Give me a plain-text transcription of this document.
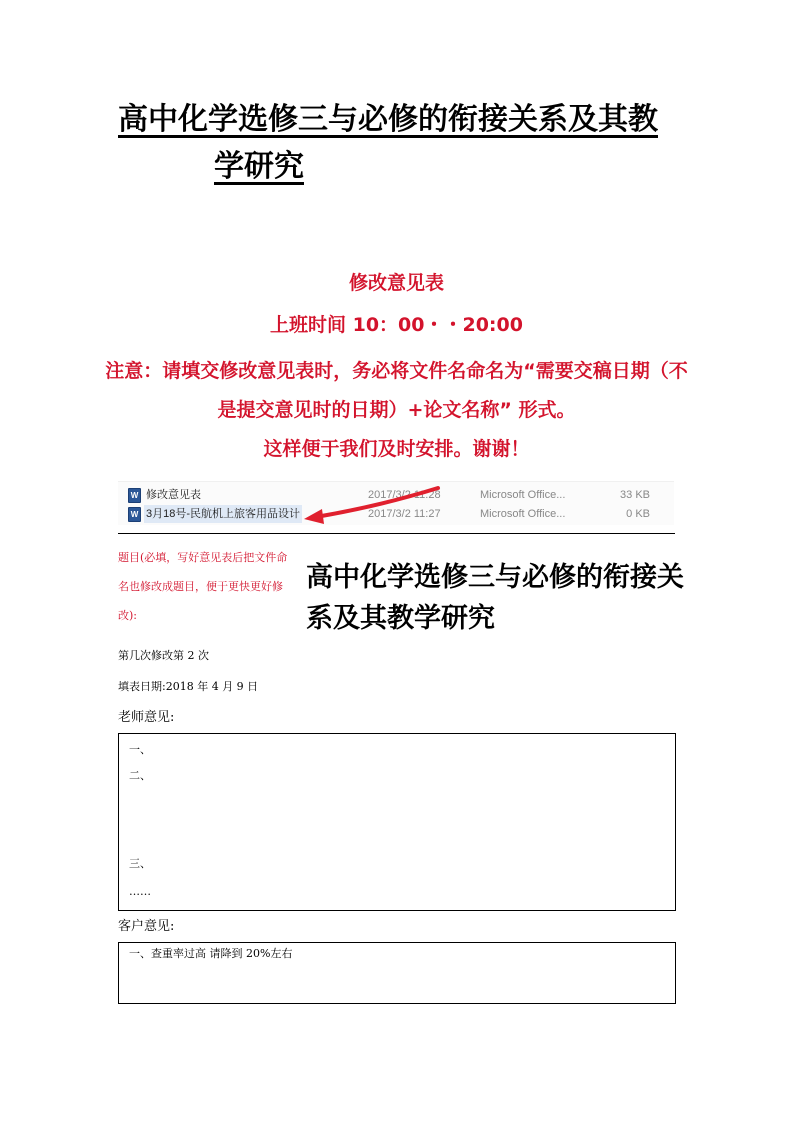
高中化学选修三与必修的衔接关系及其教
学研究
修改意见表
上班时间 10：00・・20:00
注意：请填交修改意见表时，务必将文件名命名为“需要交稿日期（不是提交意见时的日期）+论文名称” 形式。
这样便于我们及时安排。谢谢！
W 修改意见表	2017/3/2 11:28	Microsoft Office...	33 KB
W 3月18号-民航机上旅客用品设计	2017/3/2 11:27	Microsoft Office...	0 KB
题目(必填，写好意见表后把文件命名也修改成题目，便于更快更好修改):
高中化学选修三与必修的衔接关系及其教学研究
第几次修改第 2 次
填表日期:2018 年 4 月 9 日
老师意见:
一、
二、
三、
……
客户意见:
一、查重率过高 请降到 20%左右
